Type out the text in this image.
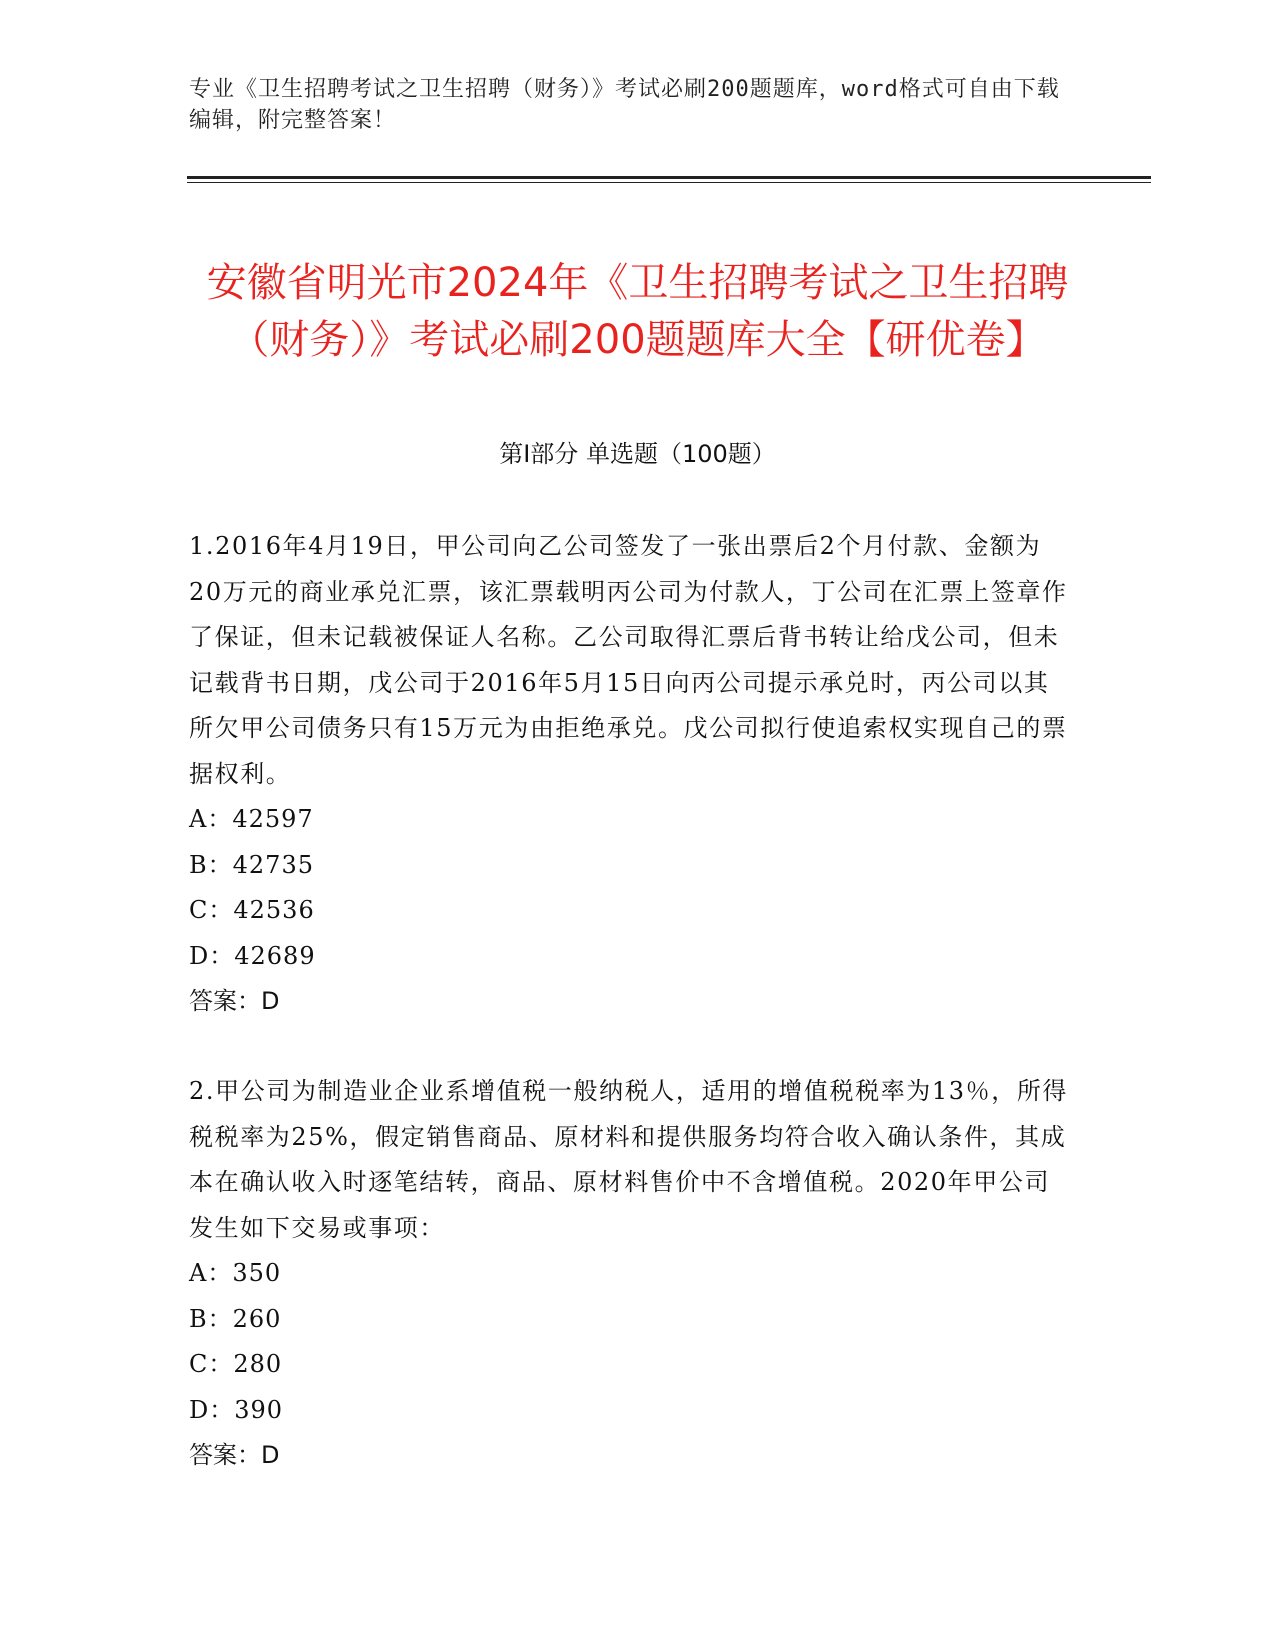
专业《卫生招聘考试之卫生招聘（财务）》考试必刷200题题库，word格式可自由下载编辑，附完整答案！
安徽省明光市2024年《卫生招聘考试之卫生招聘（财务）》考试必刷200题题库大全【研优卷】
第Ⅰ部分 单选题（100题）

1.2016年4月19日，甲公司向乙公司签发了一张出票后2个月付款、金额为20万元的商业承兑汇票，该汇票载明丙公司为付款人，丁公司在汇票上签章作了保证，但未记载被保证人名称。乙公司取得汇票后背书转让给戊公司，但未记载背书日期，戊公司于2016年5月15日向丙公司提示承兑时，丙公司以其所欠甲公司债务只有15万元为由拒绝承兑。戊公司拟行使追索权实现自己的票据权利。

A：42597

B：42735

C：42536

D：42689

答案：D

2.甲公司为制造业企业系增值税一般纳税人，适用的增值税税率为13％，所得税税率为25%，假定销售商品、原材料和提供服务均符合收入确认条件，其成本在确认收入时逐笔结转，商品、原材料售价中不含增值税。2020年甲公司发生如下交易或事项：

A：350

B：260

C：280

D：390

答案：D
